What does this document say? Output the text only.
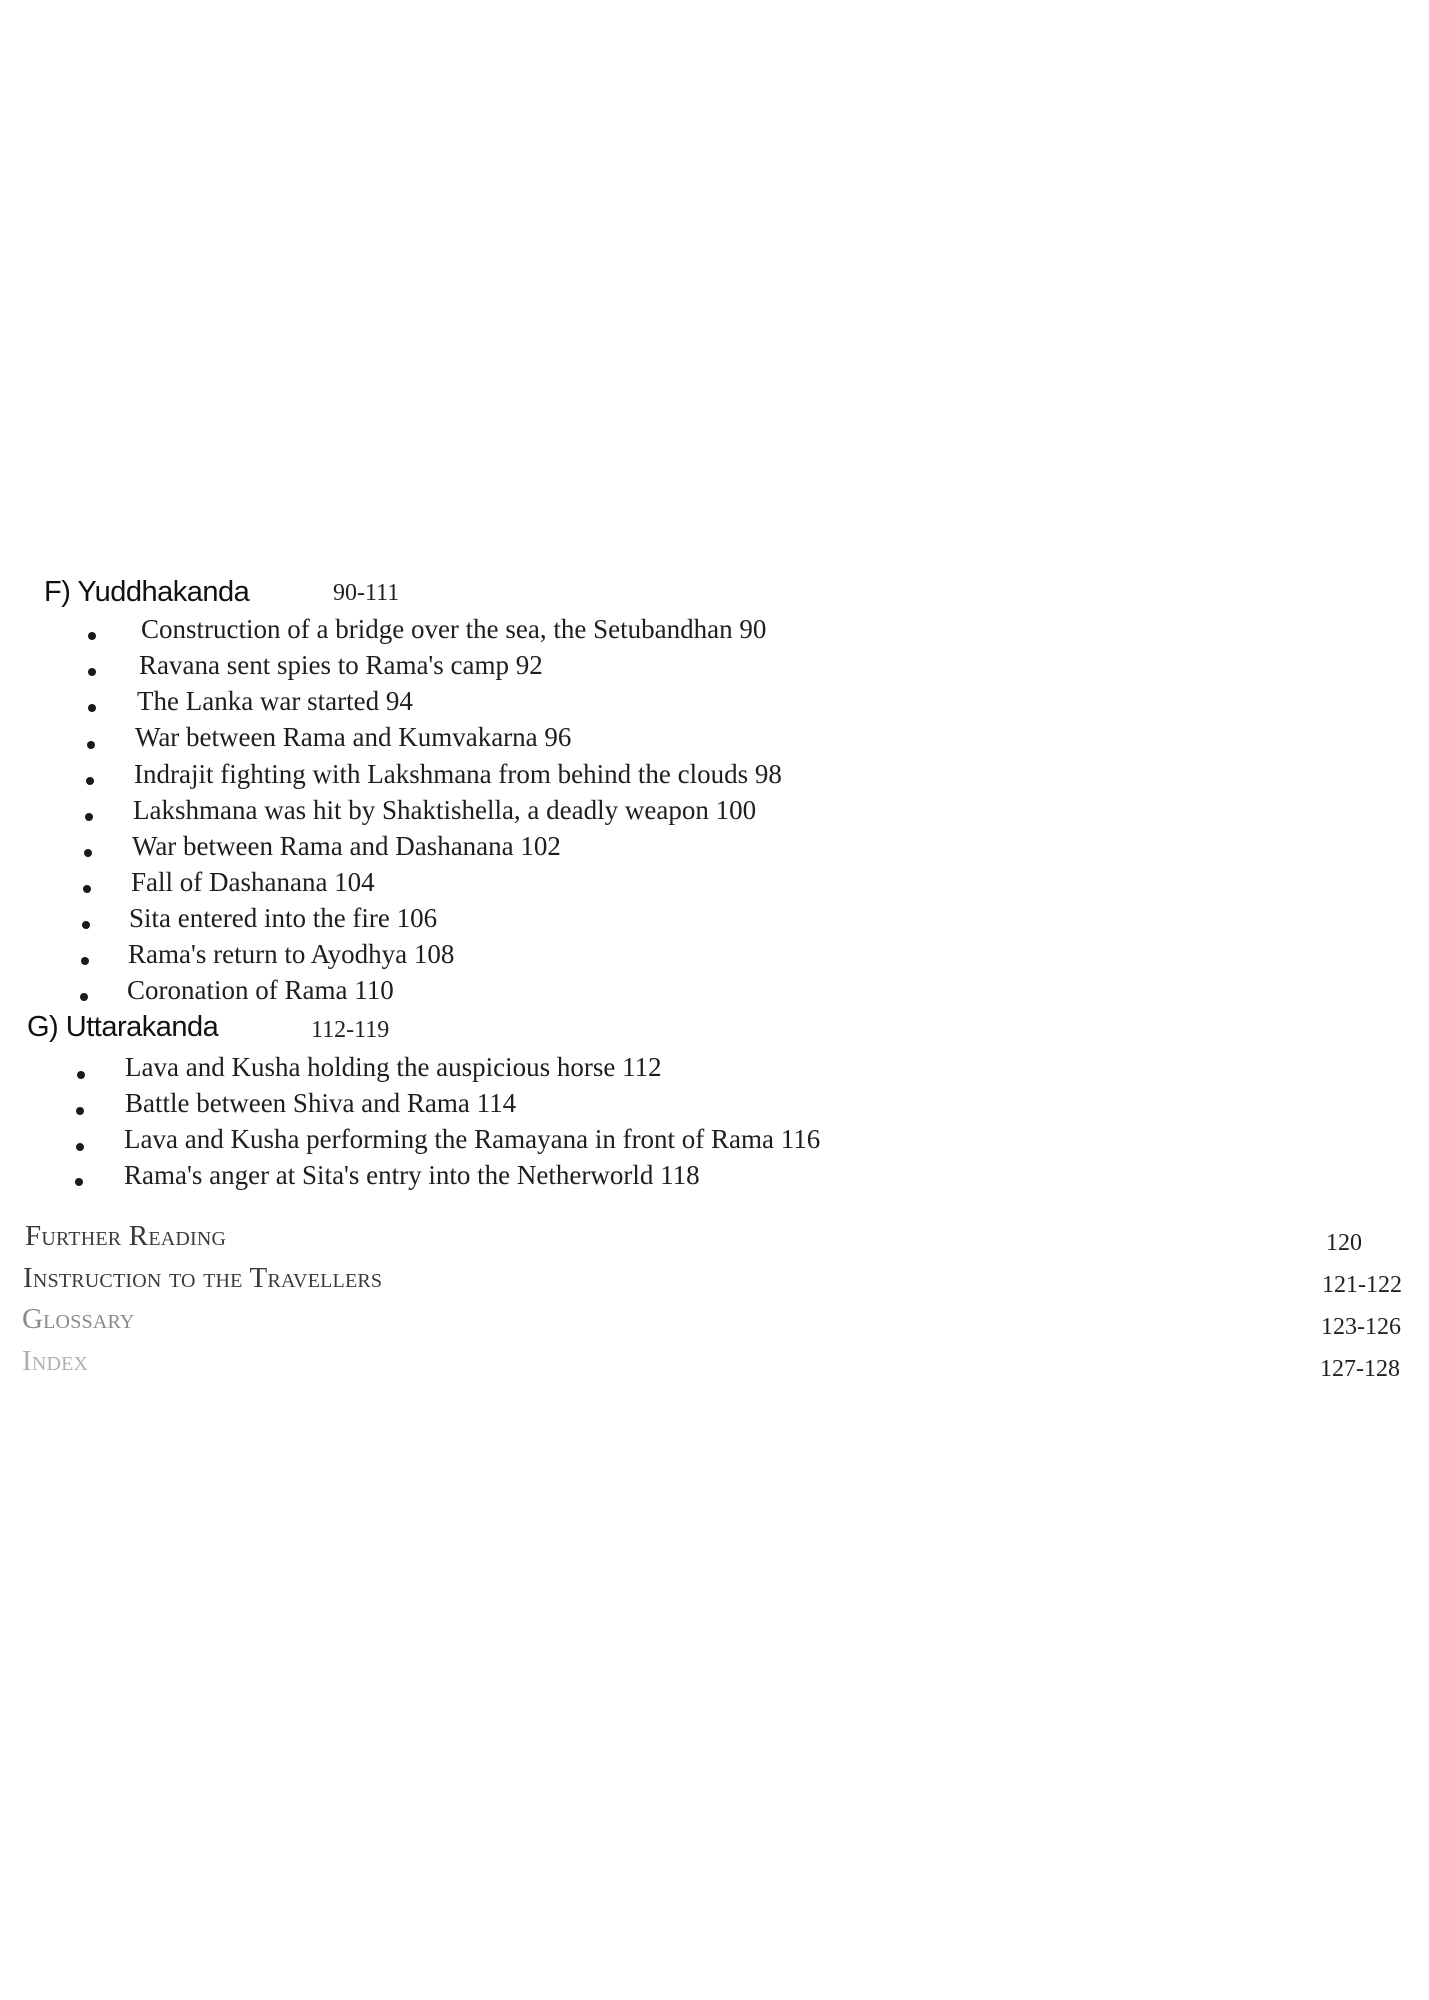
F) Yuddhakanda	90-111
Construction of a bridge over the sea, the Setubandhan 90
Ravana sent spies to Rama's camp 92
The Lanka war started 94
War between Rama and Kumvakarna 96
Indrajit fighting with Lakshmana from behind the clouds 98
Lakshmana was hit by Shaktishella, a deadly weapon 100
War between Rama and Dashanana 102
Fall of Dashanana 104
Sita entered into the fire 106
Rama's return to Ayodhya 108
Coronation of Rama 110
G) Uttarakanda	112-119
Lava and Kusha holding the auspicious horse 112
Battle between Shiva and Rama 114
Lava and Kusha performing the Ramayana in front of Rama 116
Rama's anger at Sita's entry into the Netherworld 118
Further Reading	120
Instruction to the Travellers	121-122
Glossary	123-126
Index	127-128
